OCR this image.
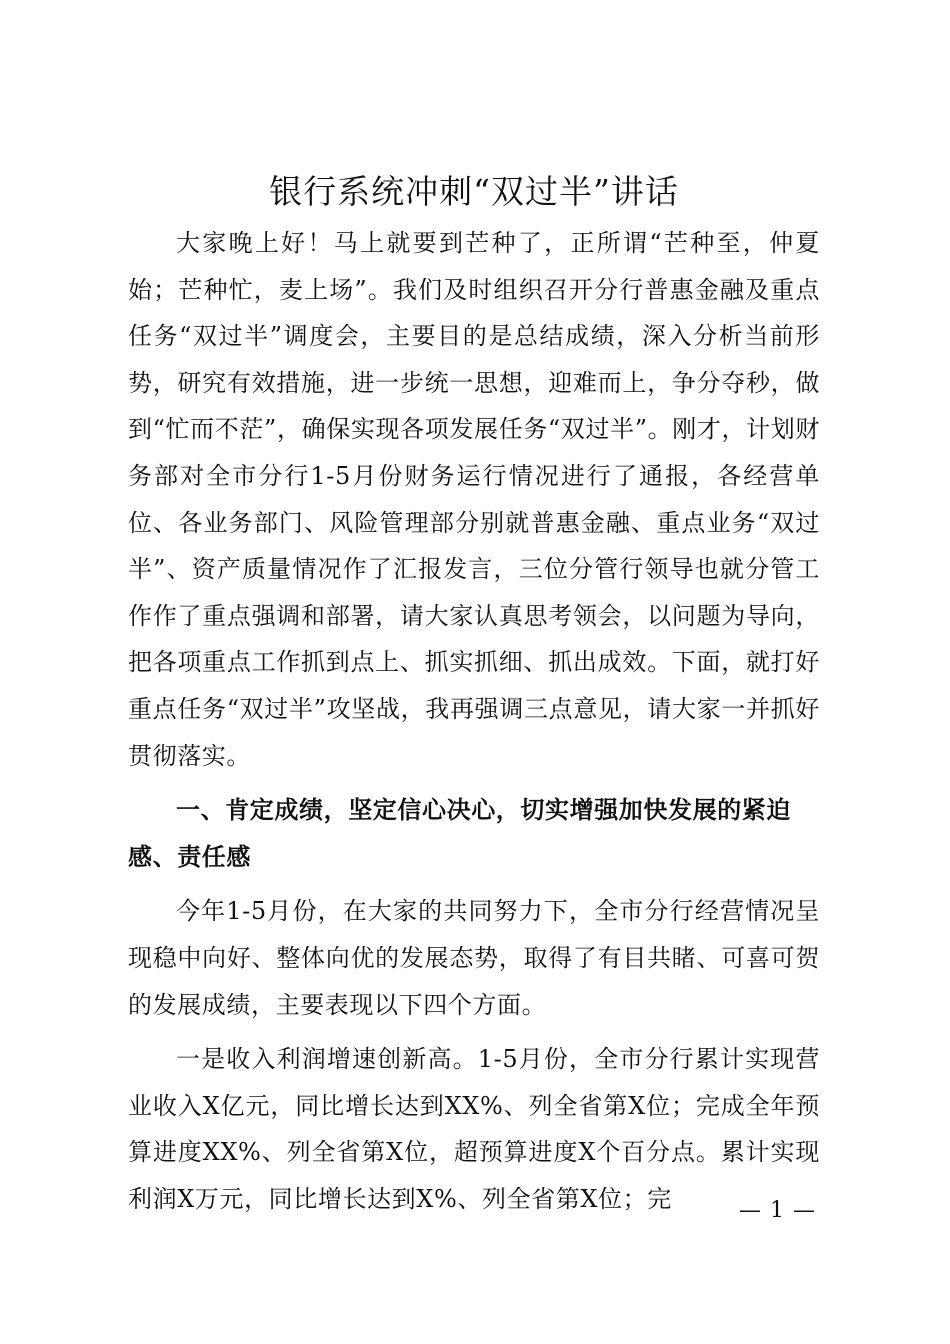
银行系统冲刺“双过半”讲话

大家晚上好！马上就要到芒种了，正所谓“芒种至，仲夏始；芒种忙，麦上场”。我们及时组织召开分行普惠金融及重点任务“双过半”调度会，主要目的是总结成绩，深入分析当前形势，研究有效措施，进一步统一思想，迎难而上，争分夺秒，做到“忙而不茫”，确保实现各项发展任务“双过半”。刚才，计划财务部对全市分行1-5月份财务运行情况进行了通报，各经营单位、各业务部门、风险管理部分别就普惠金融、重点业务“双过半”、资产质量情况作了汇报发言，三位分管行领导也就分管工作作了重点强调和部署，请大家认真思考领会，以问题为导向，把各项重点工作抓到点上、抓实抓细、抓出成效。下面，就打好重点任务“双过半”攻坚战，我再强调三点意见，请大家一并抓好贯彻落实。

一、肯定成绩，坚定信心决心，切实增强加快发展的紧迫感、责任感

今年1-5月份，在大家的共同努力下，全市分行经营情况呈现稳中向好、整体向优的发展态势，取得了有目共睹、可喜可贺的发展成绩，主要表现以下四个方面。

一是收入利润增速创新高。1-5月份，全市分行累计实现营业收入X亿元，同比增长达到XX%、列全省第X位；完成全年预算进度XX%、列全省第X位，超预算进度X个百分点。累计实现利润X万元，同比增长达到X%、列全省第X位；完	— 1 —
